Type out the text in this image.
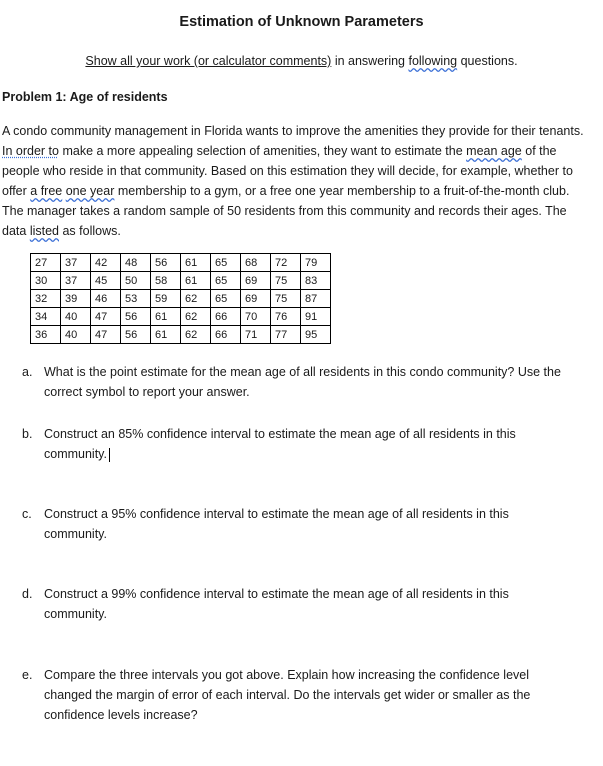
Estimation of Unknown Parameters
Show all your work (or calculator comments) in answering following questions.
Problem 1: Age of residents
A condo community management in Florida wants to improve the amenities they provide for their tenants. In order to make a more appealing selection of amenities, they want to estimate the mean age of the people who reside in that community. Based on this estimation they will decide, for example, whether to offer a free one year membership to a gym, or a free one year membership to a fruit-of-the-month club. The manager takes a random sample of 50 residents from this community and records their ages. The data listed as follows.
27	37	42	48	56	61	65	68	72	79
30	37	45	50	58	61	65	69	75	83
32	39	46	53	59	62	65	69	75	87
34	40	47	56	61	62	66	70	76	91
36	40	47	56	61	62	66	71	77	95
a. What is the point estimate for the mean age of all residents in this condo community? Use the correct symbol to report your answer.
b. Construct an 85% confidence interval to estimate the mean age of all residents in this community.
c. Construct a 95% confidence interval to estimate the mean age of all residents in this community.
d. Construct a 99% confidence interval to estimate the mean age of all residents in this community.
e. Compare the three intervals you got above. Explain how increasing the confidence level changed the margin of error of each interval. Do the intervals get wider or smaller as the confidence levels increase?
